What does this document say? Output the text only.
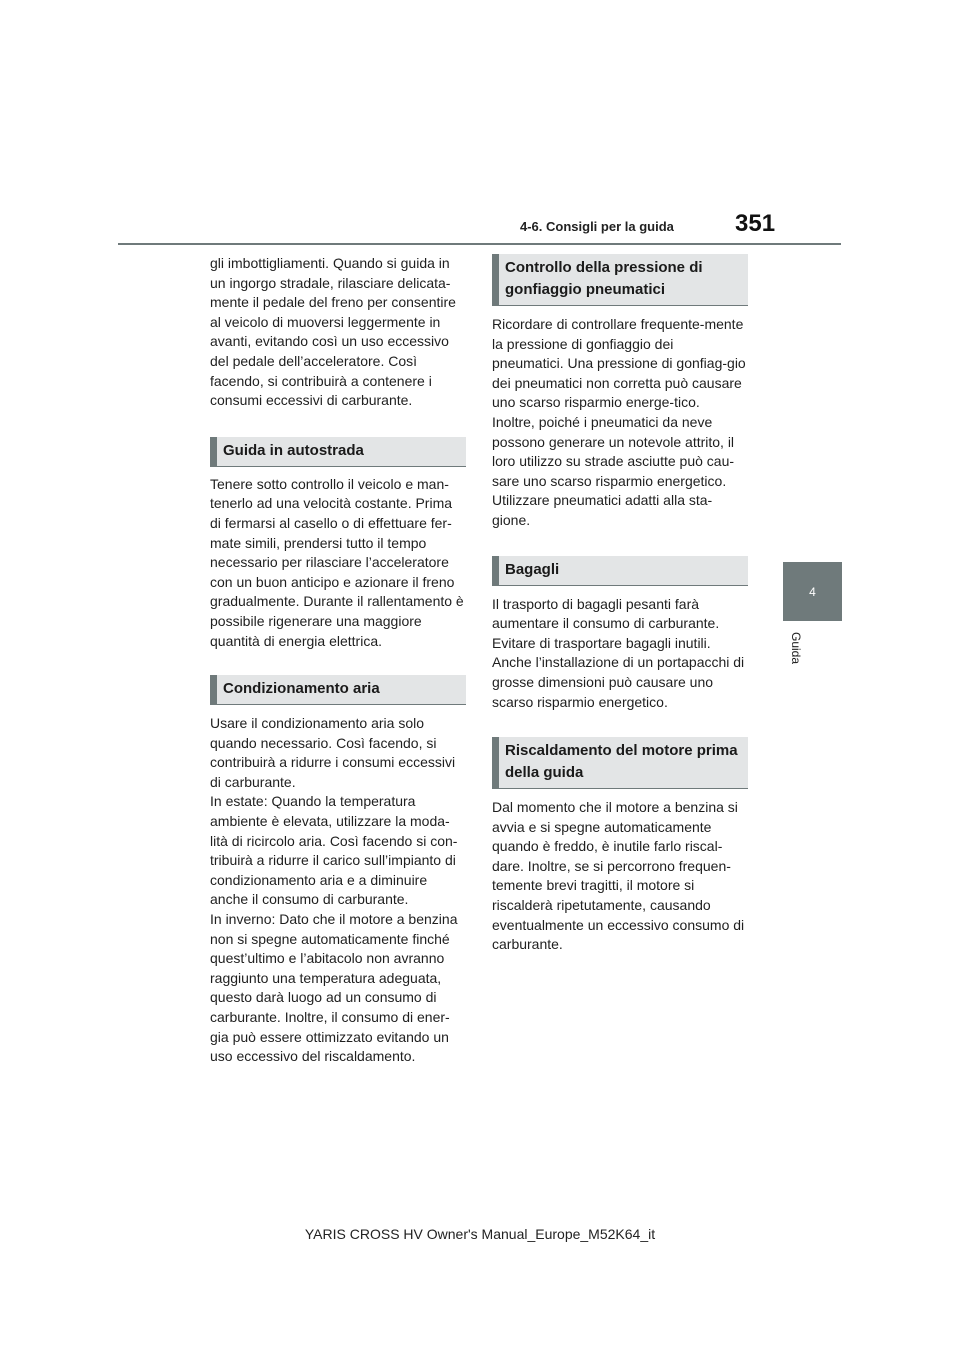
4-6. Consigli per la guida	351
4
Guida

gli imbottigliamenti. Quando si guida in un ingorgo stradale, rilasciare delicata-mente il pedale del freno per consentire al veicolo di muoversi leggermente in avanti, evitando così un uso eccessivo del pedale dell’acceleratore. Così facendo, si contribuirà a contenere i consumi eccessivi di carburante.

Guida in autostrada

Tenere sotto controllo il veicolo e man-tenerlo ad una velocità costante. Prima di fermarsi al casello o di effettuare fer-mate simili, prendersi tutto il tempo necessario per rilasciare l’acceleratore con un buon anticipo e azionare il freno gradualmente. Durante il rallentamento è possibile rigenerare una maggiore quantità di energia elettrica.

Condizionamento aria

Usare il condizionamento aria solo quando necessario. Così facendo, si contribuirà a ridurre i consumi eccessivi di carburante.

In estate: Quando la temperatura ambiente è elevata, utilizzare la moda-lità di ricircolo aria. Così facendo si con-tribuirà a ridurre il carico sull’impianto di condizionamento aria e a diminuire anche il consumo di carburante.

In inverno: Dato che il motore a benzina non si spegne automaticamente finché quest’ultimo e l’abitacolo non avranno raggiunto una temperatura adeguata, questo darà luogo ad un consumo di carburante. Inoltre, il consumo di ener-gia può essere ottimizzato evitando un uso eccessivo del riscaldamento.

Controllo della pressione di gonfiaggio pneumatici

Ricordare di controllare frequente-mente la pressione di gonfiaggio dei pneumatici. Una pressione di gonfiag-gio dei pneumatici non corretta può causare uno scarso risparmio energe-tico.

Inoltre, poiché i pneumatici da neve possono generare un notevole attrito, il loro utilizzo su strade asciutte può cau-sare uno scarso risparmio energetico. Utilizzare pneumatici adatti alla sta-gione.

Bagagli

Il trasporto di bagagli pesanti farà aumentare il consumo di carburante. Evitare di trasportare bagagli inutili. Anche l’installazione di un portapacchi di grosse dimensioni può causare uno scarso risparmio energetico.

Riscaldamento del motore prima della guida

Dal momento che il motore a benzina si avvia e si spegne automaticamente quando è freddo, è inutile farlo riscal-dare. Inoltre, se si percorrono frequen-temente brevi tragitti, il motore si riscalderà ripetutamente, causando eventualmente un eccessivo consumo di carburante.

YARIS CROSS HV Owner's Manual_Europe_M52K64_it
